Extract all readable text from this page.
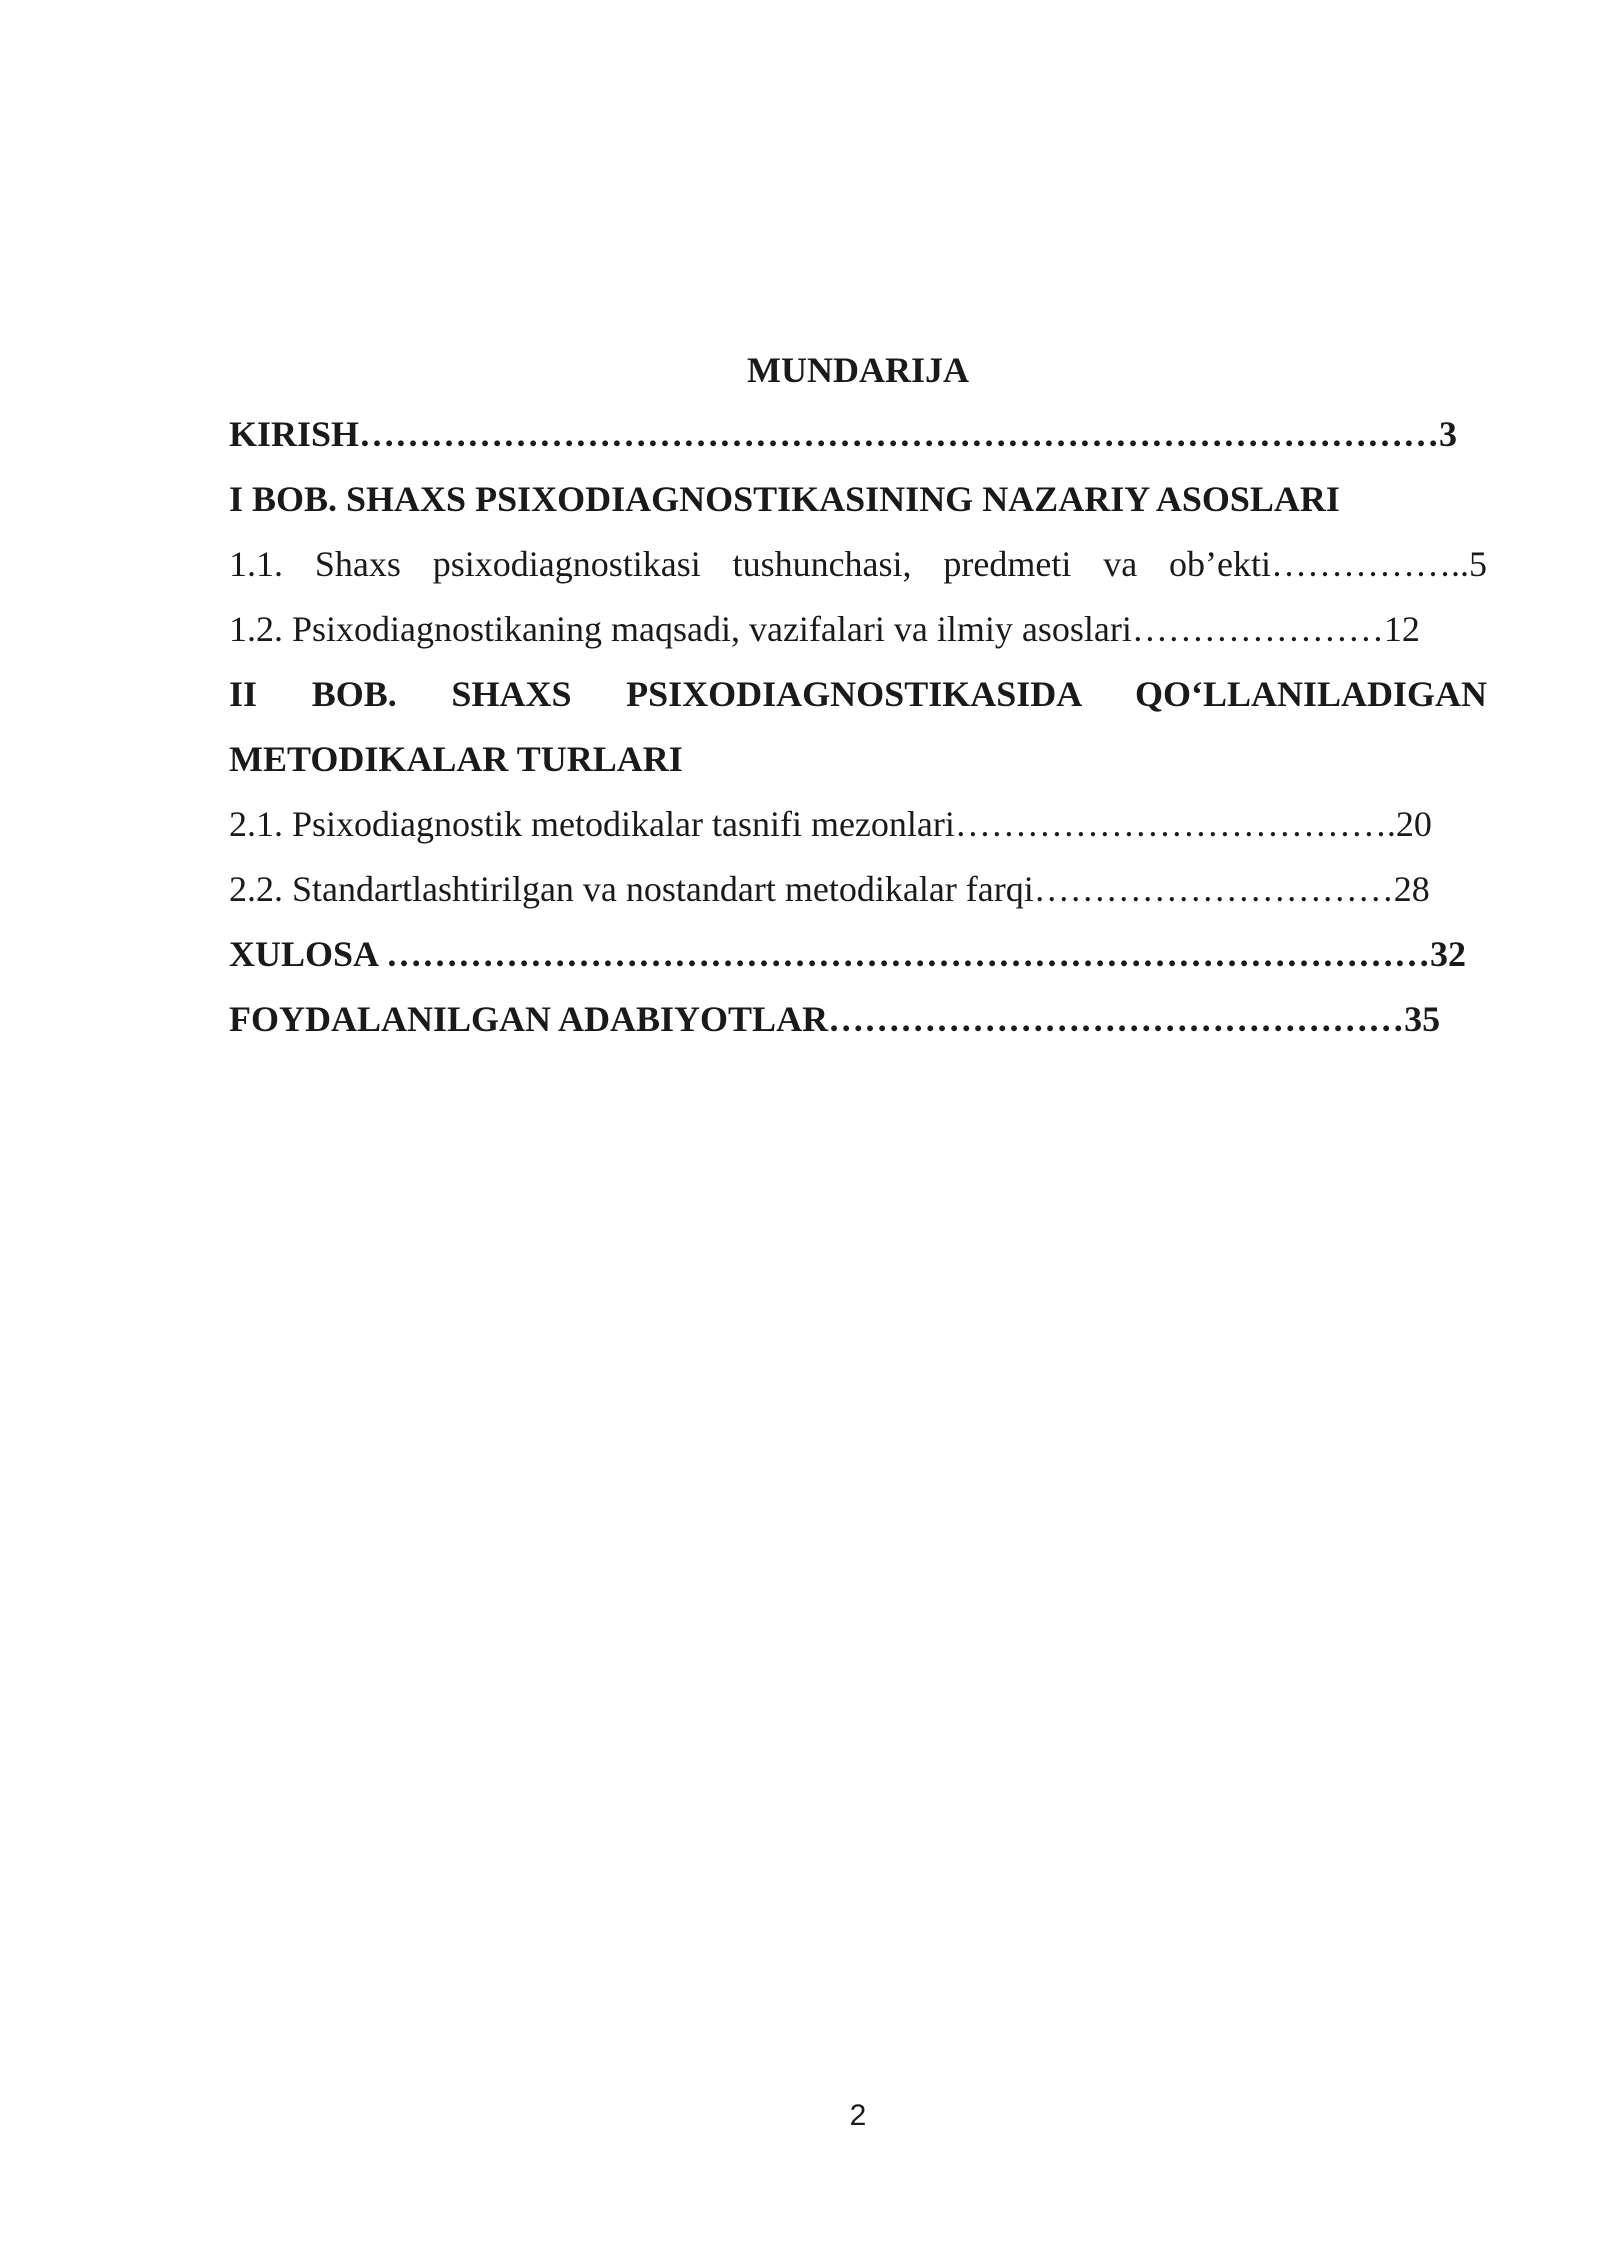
MUNDARIJA
KIRISH………………………………………………………………………………3
I BOB. SHAXS PSIXODIAGNOSTIKASINING NAZARIY ASOSLARI
1.1. Shaxs psixodiagnostikasi tushunchasi, predmeti va ob’ekti……………..5
1.2. Psixodiagnostikaning maqsadi, vazifalari va ilmiy asoslari…………………12
II BOB. SHAXS PSIXODIAGNOSTIKASIDA QO‘LLANILADIGAN
METODIKALAR TURLARI
2.1. Psixodiagnostik metodikalar tasnifi mezonlari……………………………….20
2.2. Standartlashtirilgan va nostandart metodikalar farqi…………………………28
XULOSA ……………………………………………………………………………32
FOYDALANILGAN ADABIYOTLAR…………………………………………35
2
